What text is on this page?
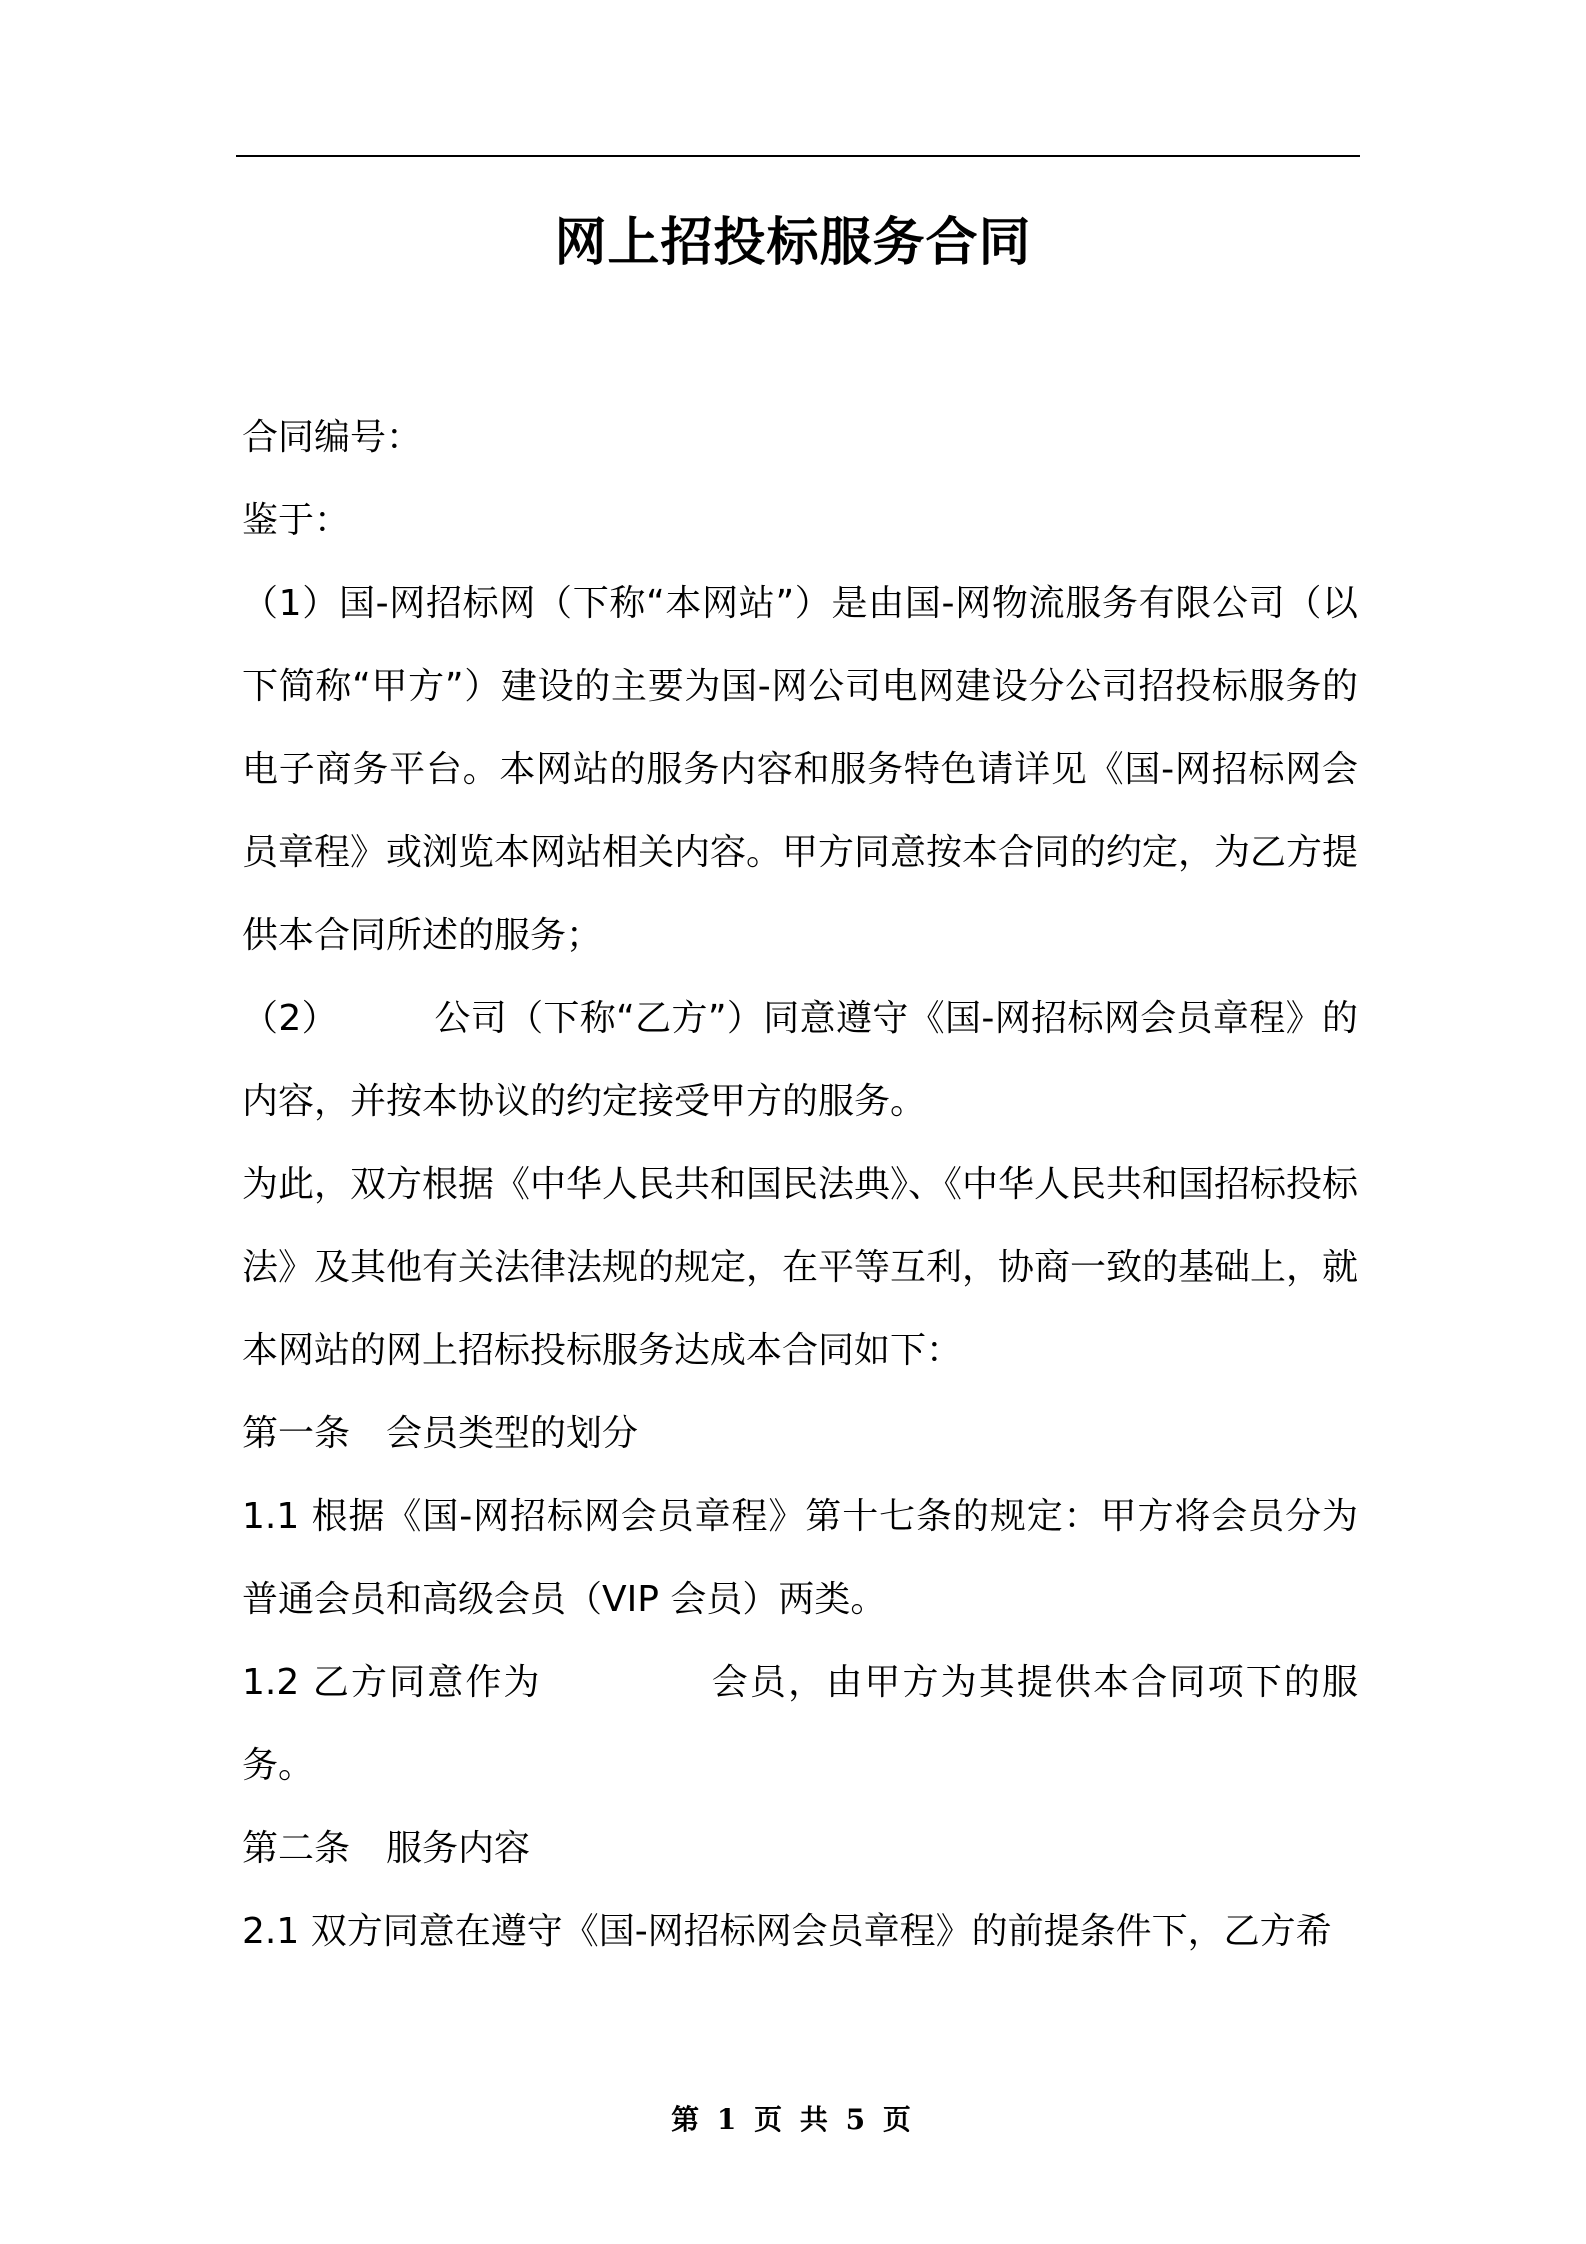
网上招投标服务合同

合同编号：

鉴于：

（1）国-网招标网（下称“本网站”）是由国-网物流服务有限公司（以下简称“甲方”）建设的主要为国-网公司电网建设分公司招投标服务的电子商务平台。本网站的服务内容和服务特色请详见《国-网招标网会员章程》或浏览本网站相关内容。甲方同意按本合同的约定，为乙方提供本合同所述的服务；

（2）	公司（下称“乙方”）同意遵守《国-网招标网会员章程》的内容，并按本协议的约定接受甲方的服务。

为此，双方根据《中华人民共和国民法典》、《中华人民共和国招标投标法》及其他有关法律法规的规定，在平等互利，协商一致的基础上，就本网站的网上招标投标服务达成本合同如下：

第一条 会员类型的划分

1.1 根据《国-网招标网会员章程》第十七条的规定：甲方将会员分为普通会员和高级会员（VIP 会员）两类。

1.2 乙方同意作为	会员，由甲方为其提供本合同项下的服务。

第二条 服务内容

2.1 双方同意在遵守《国-网招标网会员章程》的前提条件下，乙方希

第 1 页 共 5 页
